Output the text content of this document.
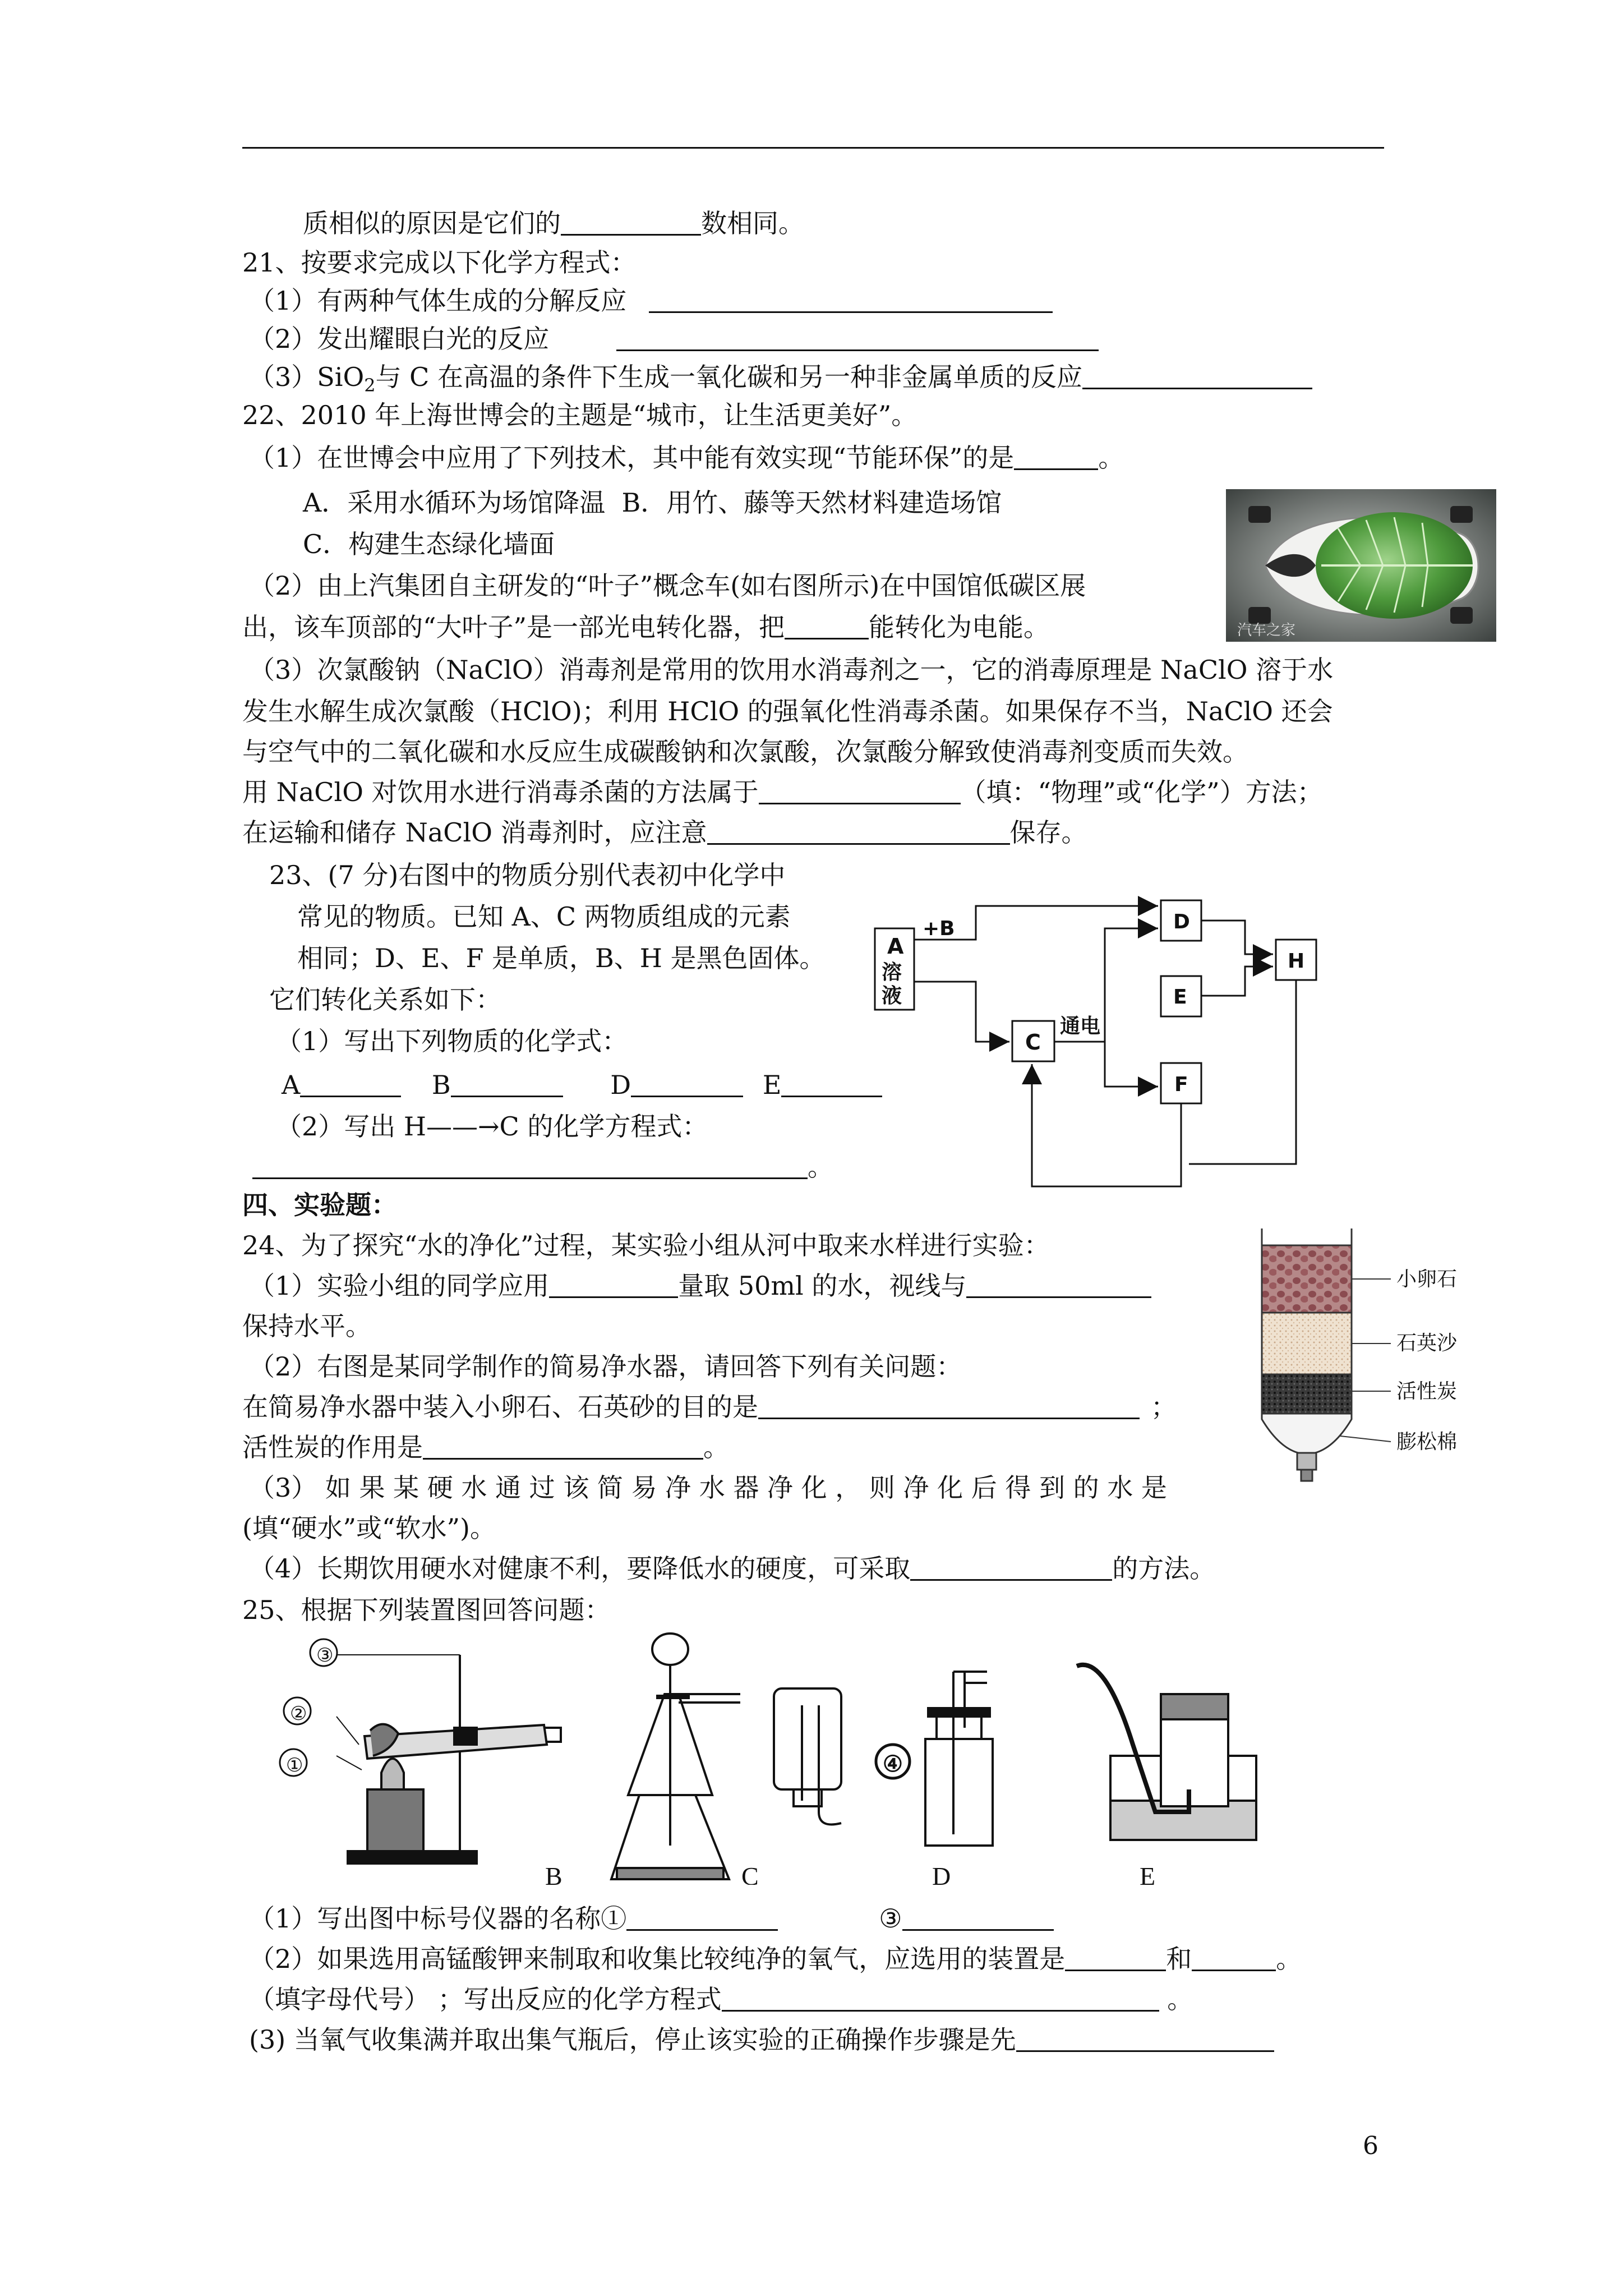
质相似的原因是它们的	数相同。
21、按要求完成以下化学方程式：
（1）有两种气体生成的分解反应
（2）发出耀眼白光的反应
（3）SiO$_2$与 C 在高温的条件下生成一氧化碳和另一种非金属单质的反应
22、2010 年上海世博会的主题是“城市，让生活更美好”。
（1）在世博会中应用了下列技术，其中能有效实现“节能环保”的是	。
A．采用水循环为场馆降温 B．用竹、藤等天然材料建造场馆
C．构建生态绿化墙面
（2）由上汽集团自主研发的“叶子”概念车(如右图所示)在中国馆低碳区展
出，该车顶部的“大叶子”是一部光电转化器，把	能转化为电能。	汽车之家
（3）次氯酸钠（NaClO）消毒剂是常用的饮用水消毒剂之一，它的消毒原理是 NaClO 溶于水
发生水解生成次氯酸（HClO)；利用 HClO 的强氧化性消毒杀菌。如果保存不当，NaClO 还会
与空气中的二氧化碳和水反应生成碳酸钠和次氯酸，次氯酸分解致使消毒剂变质而失效。
用 NaClO 对饮用水进行消毒杀菌的方法属于	（填：“物理”或“化学”）方法；
在运输和储存 NaClO 消毒剂时，应注意	保存。
23、(7 分)右图中的物质分别代表初中化学中
常见的物质。已知 A、C 两物质组成的元素
相同；D、E、F 是单质，B、H 是黑色固体。
它们转化关系如下：
（1）写出下列物质的化学式：
A	B	D	E
（2）写出 H——→C 的化学方程式：
。
A
溶
液
+B
C
通电
D
E
F
H
四、实验题：
24、为了探究“水的净化”过程，某实验小组从河中取来水样进行实验：
（1）实验小组的同学应用	量取 50ml 的水，视线与
保持水平。
（2）右图是某同学制作的简易净水器，请回答下列有关问题：
在简易净水器中装入小卵石、石英砂的目的是	；
活性炭的作用是	。
（3） 如 果 某 硬 水 通 过 该 简 易 净 水 器 净 化 ， 则 净 化 后 得 到 的 水 是
(填“硬水”或“软水”)。
（4）长期饮用硬水对健康不利，要降低水的硬度，可采取	的方法。
小卵石
石英沙
活性炭
膨松棉
25、根据下列装置图回答问题：
③
②
①	④
B	C	D	E
（1）写出图中标号仪器的名称①	③
（2）如果选用高锰酸钾来制取和收集比较纯净的氧气，应选用的装置是	和	。
（填字母代号） ；写出反应的化学方程式	。
(3) 当氧气收集满并取出集气瓶后，停止该实验的正确操作步骤是先
6
